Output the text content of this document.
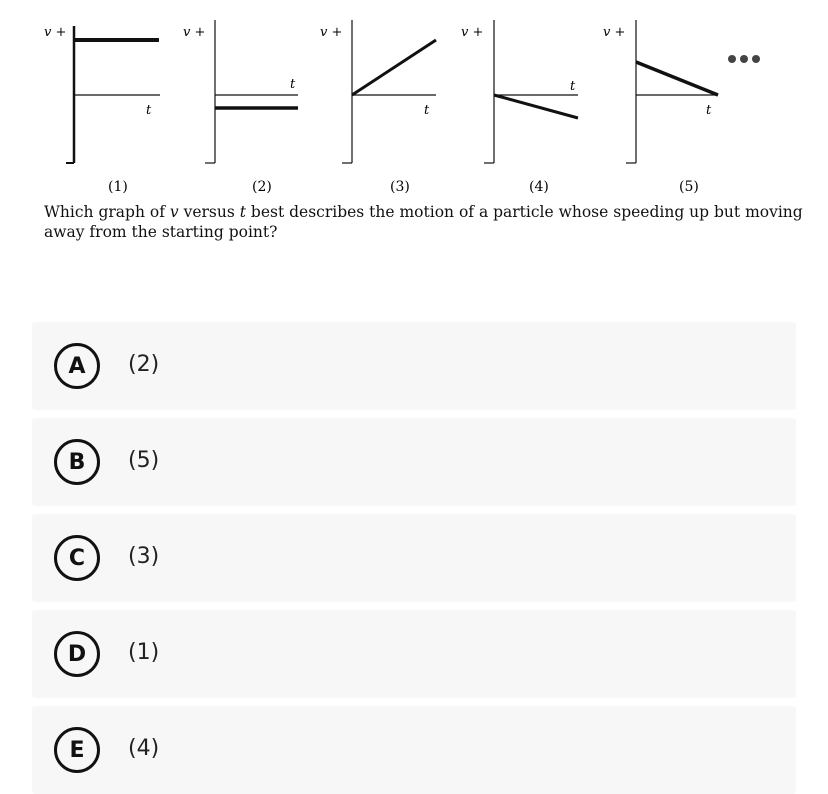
v +
t
(1)
v +
t
(2)
v +
t
(3)
v +
t
(4)
v +
t
(5)
Which graph of v versus t best describes the motion of a particle whose speeding up but moving away from the starting point?
A	(2)
B	(5)
C	(3)
D	(1)
E	(4)
